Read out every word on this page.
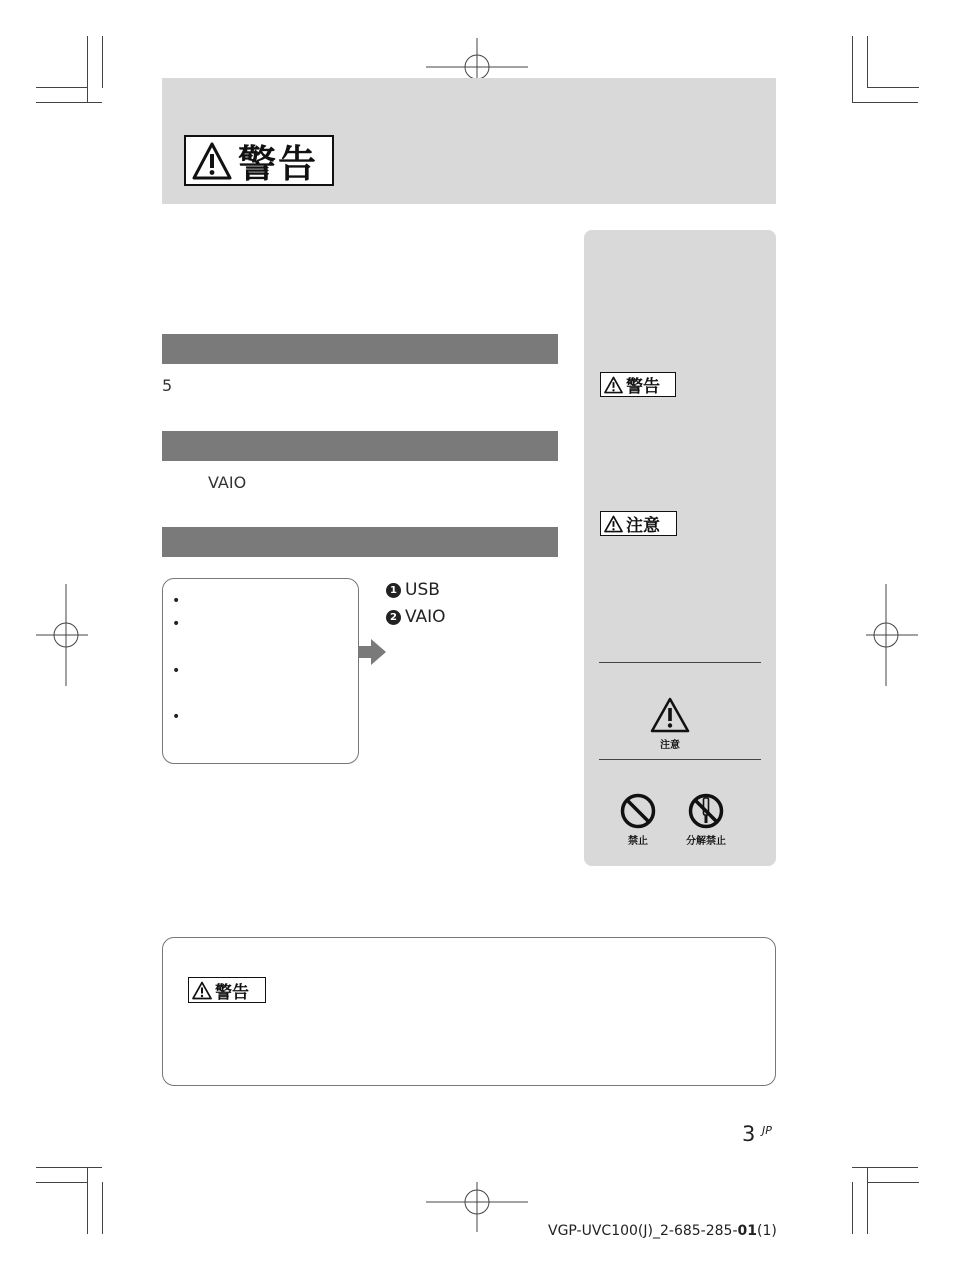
警告
5
VAIO
•
•
•
•
1 USB
2 VAIO
警告
注意
注意
禁止	分解禁止
警告
3 JP
VGP-UVC100(J)_2-685-285-01(1)
